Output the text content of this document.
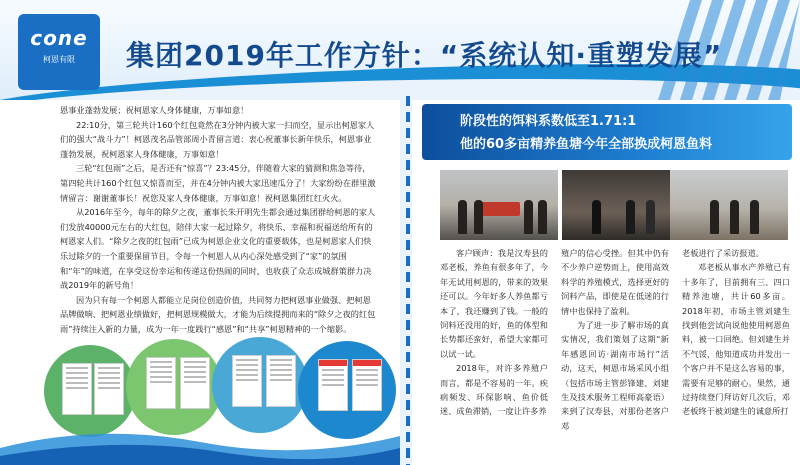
cone
柯恩有限	集团2019年工作方针：“系统认知·重塑发展”

恩事业蓬勃发展；祝柯恩家人身体健康，万事如意！

22:10分，第三轮共计160个红包竟然在3分钟内被大家一扫而空，显示出柯恩家人们的强大“战斗力”！柯恩茂名品管部周小青留言道：衷心祝董事长新年快乐，柯恩事业蓬勃发展，祝柯恩家人身体健康，万事如意！

三轮“红包雨”之后，是否还有“惊喜”？23:45分，伴随着大家的猜测和焦急等待，第四轮共计160个红包又惊喜而至，并在4分钟内被大家迅速瓜分了！大家纷纷在群里激情留言：谢谢董事长！祝您及家人身体健康，万事如意！祝柯恩集团红红火火。

从2016年至今，每年的除夕之夜，董事长朱开明先生都会通过集团群给柯恩的家人们发放40000元左右的大红包，陪伴大家一起过除夕，将快乐、幸福和祝福送给所有的柯恩家人们。“除夕之夜的红包雨”已成为柯恩企业文化的重要载体，也是柯恩家人们快乐过除夕的一个重要保留节目，令每一个柯恩人从内心深处感受到了“家”的氛围和“年”的味道，在享受这份幸运和传递这份热闹的同时，也收获了众志成城群策群力决战2019年的新号角！

因为只有每一个柯恩人都能立足岗位创造价值，共同努力把柯恩事业做强、把柯恩品牌做响、把柯恩业绩做好，把柯恩规模做大，才能为后续提拥而来的“除夕之夜的红包雨”持续注入新的力量，成为一年一度践行“感恩”和“共享”柯恩精神的一个缩影。

阶段性的饵料系数低至1.71:1
他的60多亩精养鱼塘今年全部换成柯恩鱼料

客户顾声：我是汉寿县的邓老板，养鱼有很多年了，今年无试用柯恩的，带来的效果还可以。今年好多人养鱼都亏本了，我还赚到了钱。一般的饲料还没用的好，鱼的体型和长势都还蛮好，希望大家都可以试一试。

2018年，对许多养殖户而言，都是不容易的一年。疾病频发、环保影响、鱼价低迷、成鱼滞销，一度让许多养

殖户的信心受挫。但其中仍有不少养户逆势而上，使用高效科学的养殖模式，选择更好的饲料产品，即使是在低迷的行情中也保持了盈利。

为了进一步了解市场的真实情况，我们策划了这期“新年感恩回访·湖南市场行”活动，这天，柯恩市场采风小组（包括市场主管彭锋建、刘建生及技术服务工程师高豪语）来到了汉寿县，对那份老客户邓

老板进行了采访报道。

邓老板从事水产养殖已有十多年了，目前拥有三、四口精养池塘，共计60多亩。2018年初，市场主管刘建生找到他尝试向说他使用柯恩鱼料，被一口回绝。但刘建生并不气馁，他知道成功并发出一个客户并不是这么容易的事，需要有足够的耐心。果然，通过持续登门拜访好几次后，邓老板终于被刘建生的诚意所打
